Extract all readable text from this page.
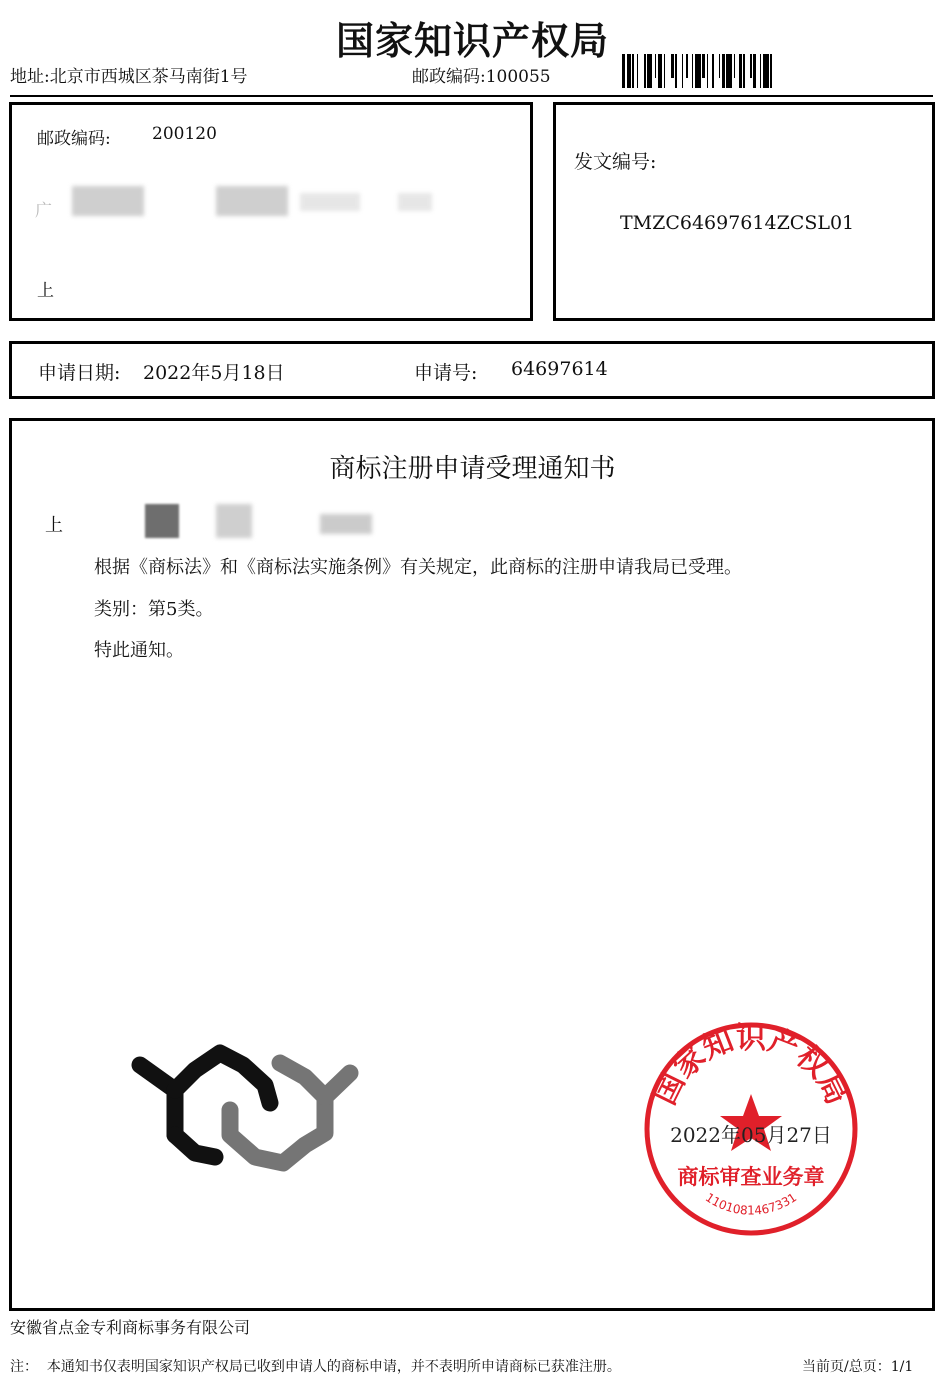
国家知识产权局
地址:北京市西城区茶马南街1号	邮政编码:100055
邮政编码: 200120
广
上
发文编号:
TMZC64697614ZCSL01
申请日期: 2022年5月18日	申请号: 64697614
商标注册申请受理通知书
上
根据《商标法》和《商标法实施条例》有关规定，此商标的注册申请我局已受理。
类别：第5类。
特此通知。
国家知识产权局
商标审查业务章
1101081467331
2022年05月27日
安徽省点金专利商标事务有限公司
注：  本通知书仅表明国家知识产权局已收到申请人的商标申请，并不表明所申请商标已获准注册。	当前页/总页：1/1
